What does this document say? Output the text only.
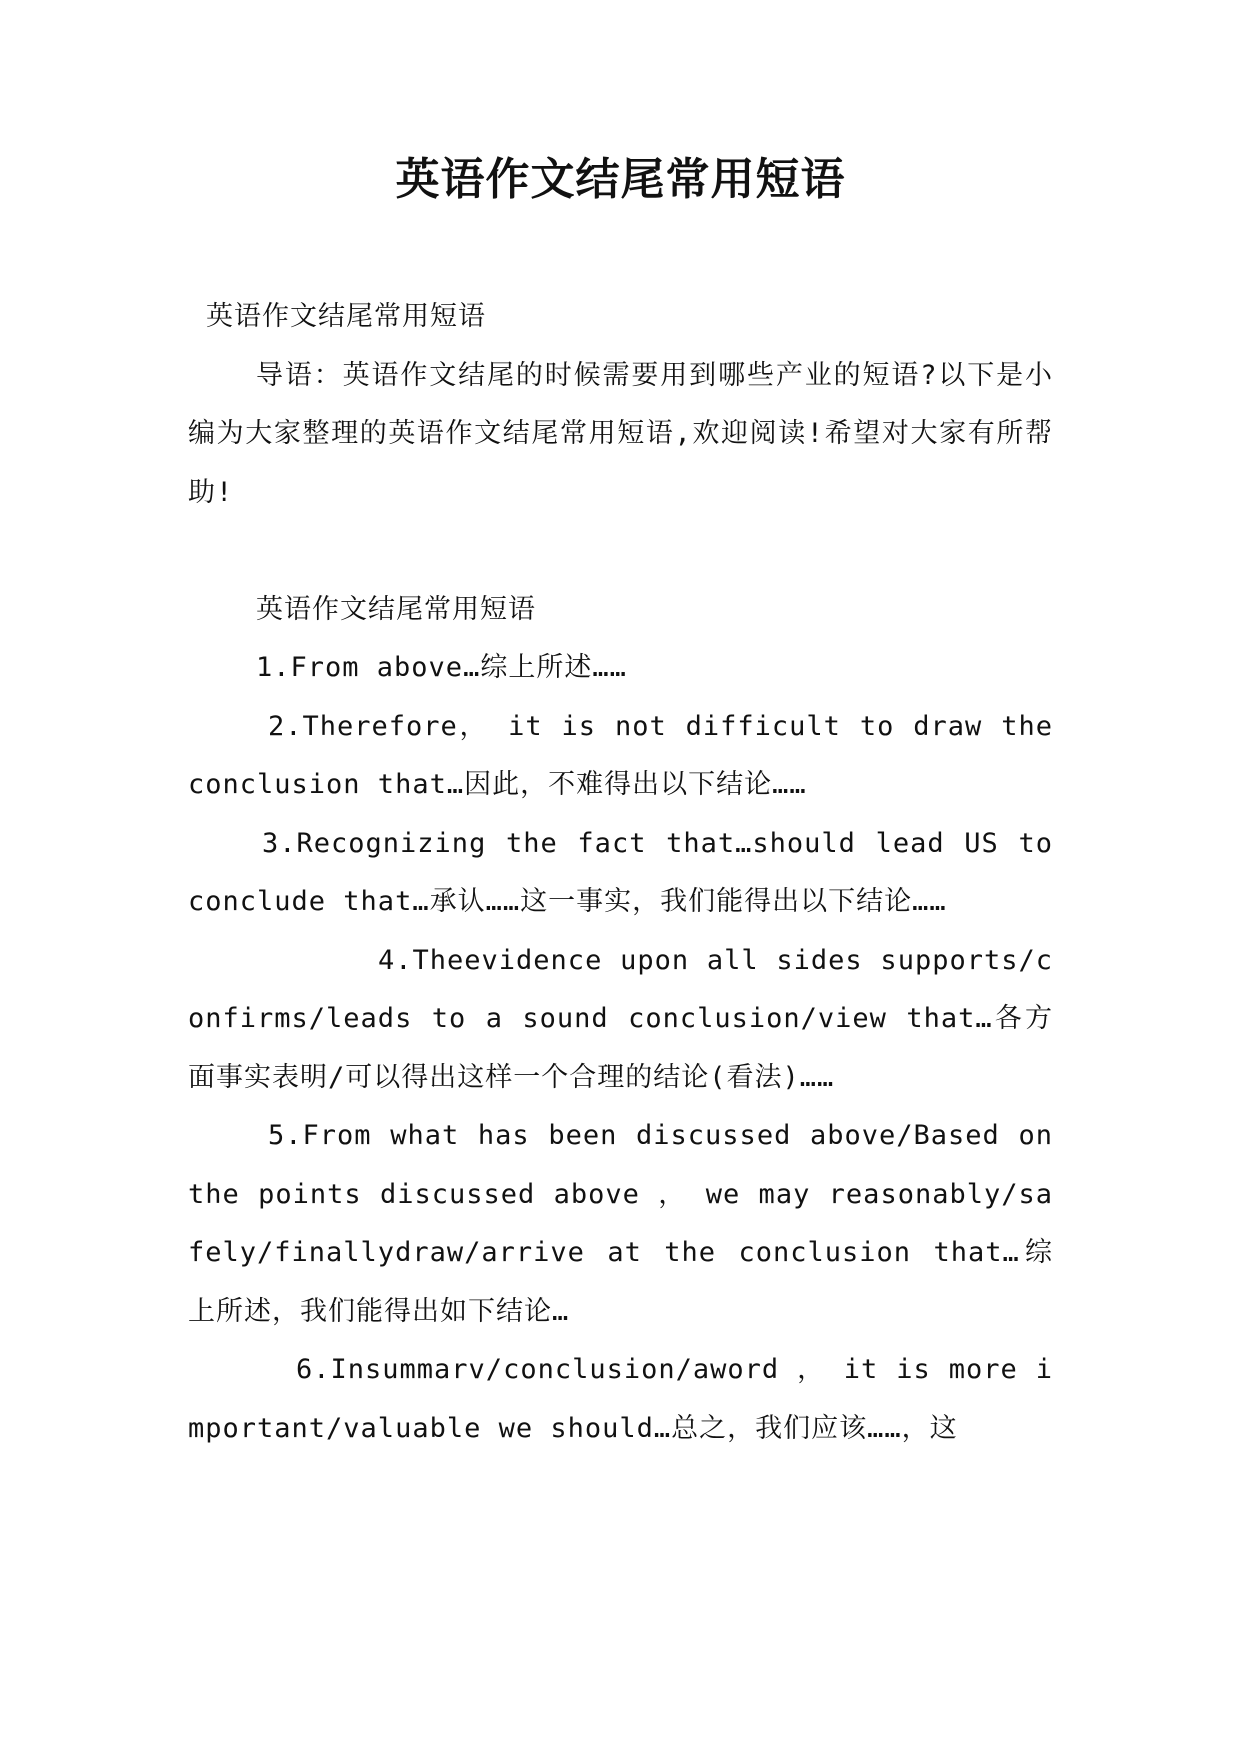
英语作文结尾常用短语

英语作文结尾常用短语

导语：英语作文结尾的时候需要用到哪些产业的短语?以下是小编为大家整理的英语作文结尾常用短语,欢迎阅读!希望对大家有所帮助!

英语作文结尾常用短语

1.From above…综上所述……

2.Therefore， it is not difficult to draw the conclusion that…因此，不难得出以下结论……

3.Recognizing the fact that…should lead US to conclude that…承认……这一事实，我们能得出以下结论……

4.Theevidence upon all sides supports/confirms/leads to a sound conclusion/view that…各方面事实表明/可以得出这样一个合理的结论(看法)……

5.From what has been discussed above/Based on the points discussed above ， we may reasonably/safely/finallydraw/arrive at the conclusion that…综上所述，我们能得出如下结论…

6.Insummarv/conclusion/aword ， it is more important/valuable we should…总之，我们应该……，这
